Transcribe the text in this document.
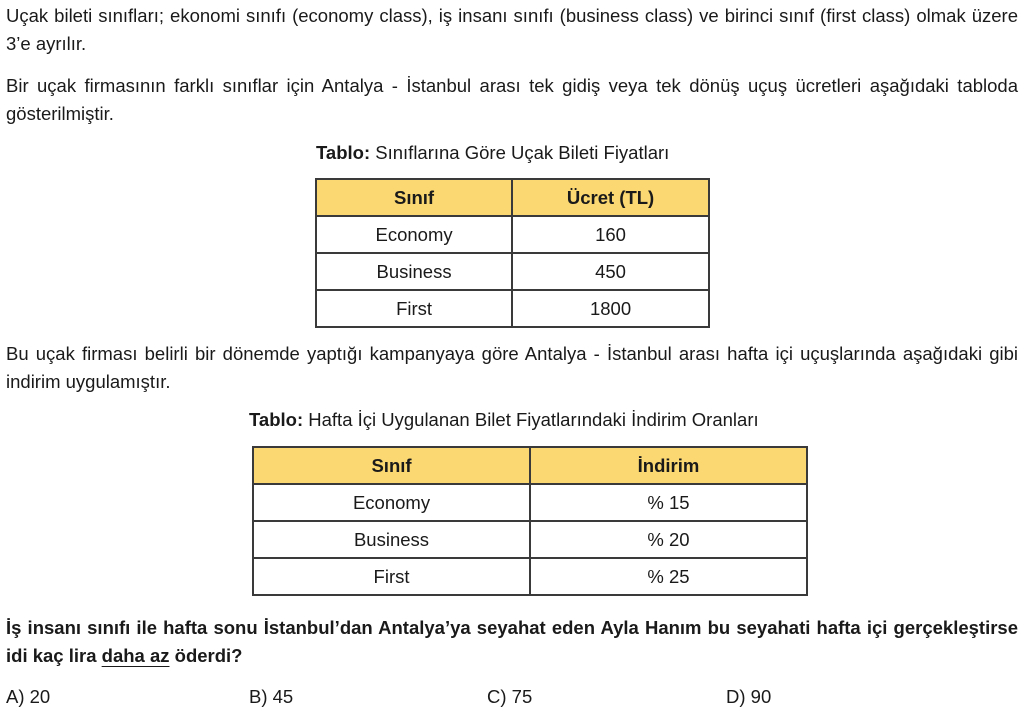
Uçak bileti sınıfları; ekonomi sınıfı (economy class), iş insanı sınıfı (business class) ve birinci sınıf (first class) olmak üzere 3’e ayrılır.

Bir uçak firmasının farklı sınıflar için Antalya - İstanbul arası tek gidiş veya tek dönüş uçuş ücretleri aşağıdaki tabloda gösterilmiştir.

Tablo: Sınıflarına Göre Uçak Bileti Fiyatları
Sınıf	Ücret (TL)
Economy	160
Business	450
First	1800

Bu uçak firması belirli bir dönemde yaptığı kampanyaya göre Antalya - İstanbul arası hafta içi uçuşlarında aşağıdaki gibi indirim uygulamıştır.

Tablo: Hafta İçi Uygulanan Bilet Fiyatlarındaki İndirim Oranları
Sınıf	İndirim
Economy	% 15
Business	% 20
First	% 25

İş insanı sınıfı ile hafta sonu İstanbul’dan Antalya’ya seyahat eden Ayla Hanım bu seyahati hafta içi gerçekleştirse idi kaç lira daha az öderdi?

A) 20	B) 45	C) 75	D) 90
